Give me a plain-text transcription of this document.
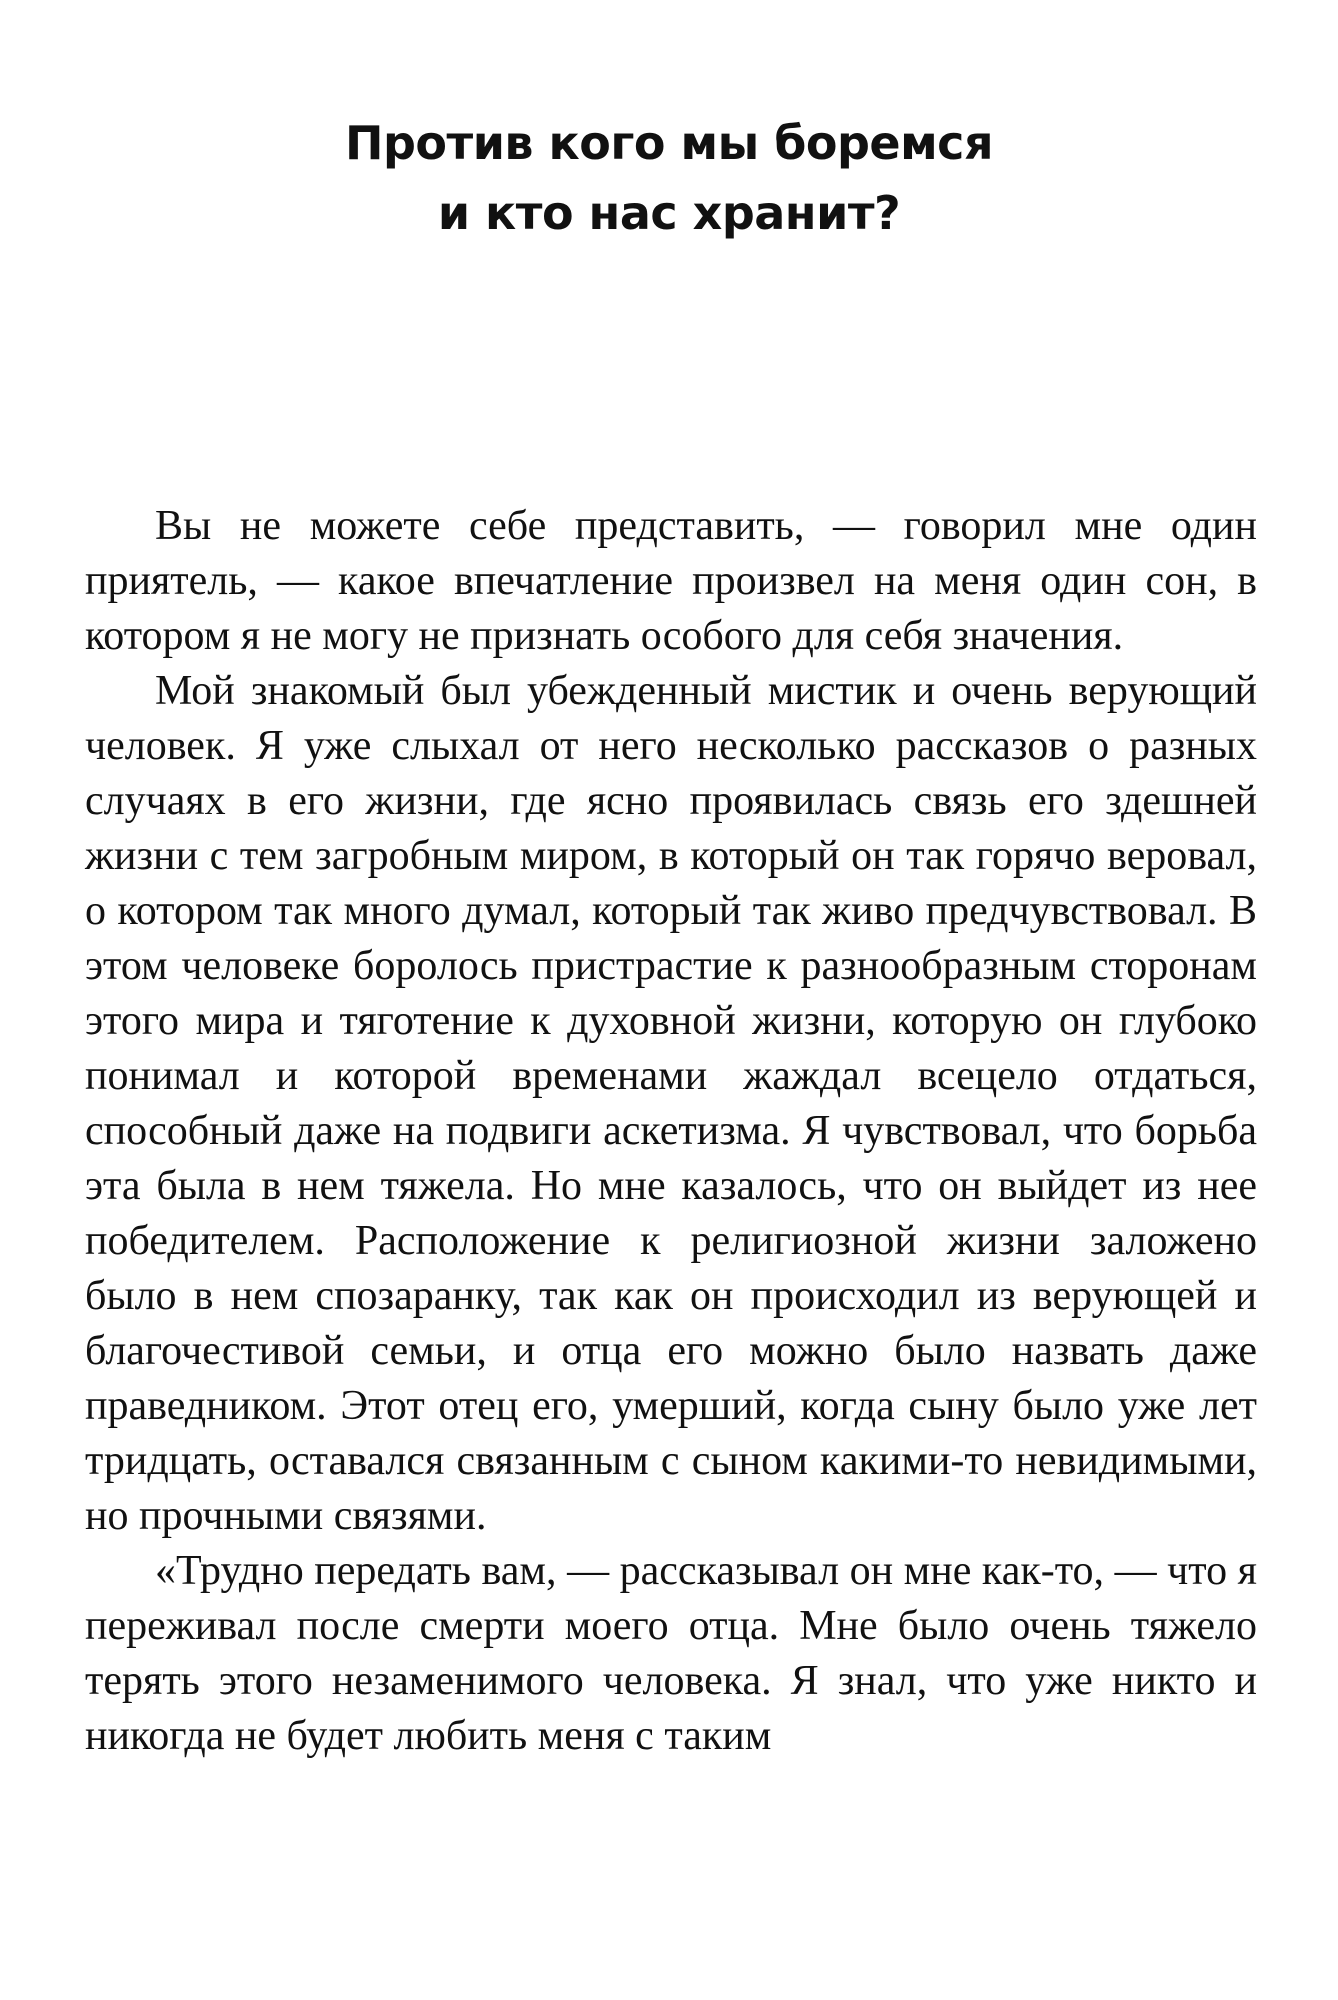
Против кого мы боремся
и кто нас хранит?

Вы не можете себе представить, — говорил мне один приятель, — какое впечатление произвел на меня один сон, в котором я не могу не признать особого для себя значения.

Мой знакомый был убежденный мистик и очень верующий человек. Я уже слыхал от него несколько рассказов о разных случаях в его жизни, где ясно проявилась связь его здешней жизни с тем загробным миром, в который он так горячо веровал, о котором так много думал, который так живо предчувствовал. В этом человеке боролось пристрастие к разнообразным сторонам этого мира и тяготение к духовной жизни, которую он глубоко понимал и которой временами жаждал всецело отдаться, способный даже на подвиги аскетизма. Я чувствовал, что борьба эта была в нем тяжела. Но мне казалось, что он выйдет из нее победителем. Расположение к религиозной жизни заложено было в нем спозаранку, так как он происходил из верующей и благочестивой семьи, и отца его можно было назвать даже праведником. Этот отец его, умерший, когда сыну было уже лет тридцать, оставался связанным с сыном какими-то невидимыми, но прочными связями.

«Трудно передать вам, — рассказывал он мне как-то, — что я переживал после смерти моего отца. Мне было очень тяжело терять этого незаменимого человека. Я знал, что уже никто и никогда не будет любить меня с таким
